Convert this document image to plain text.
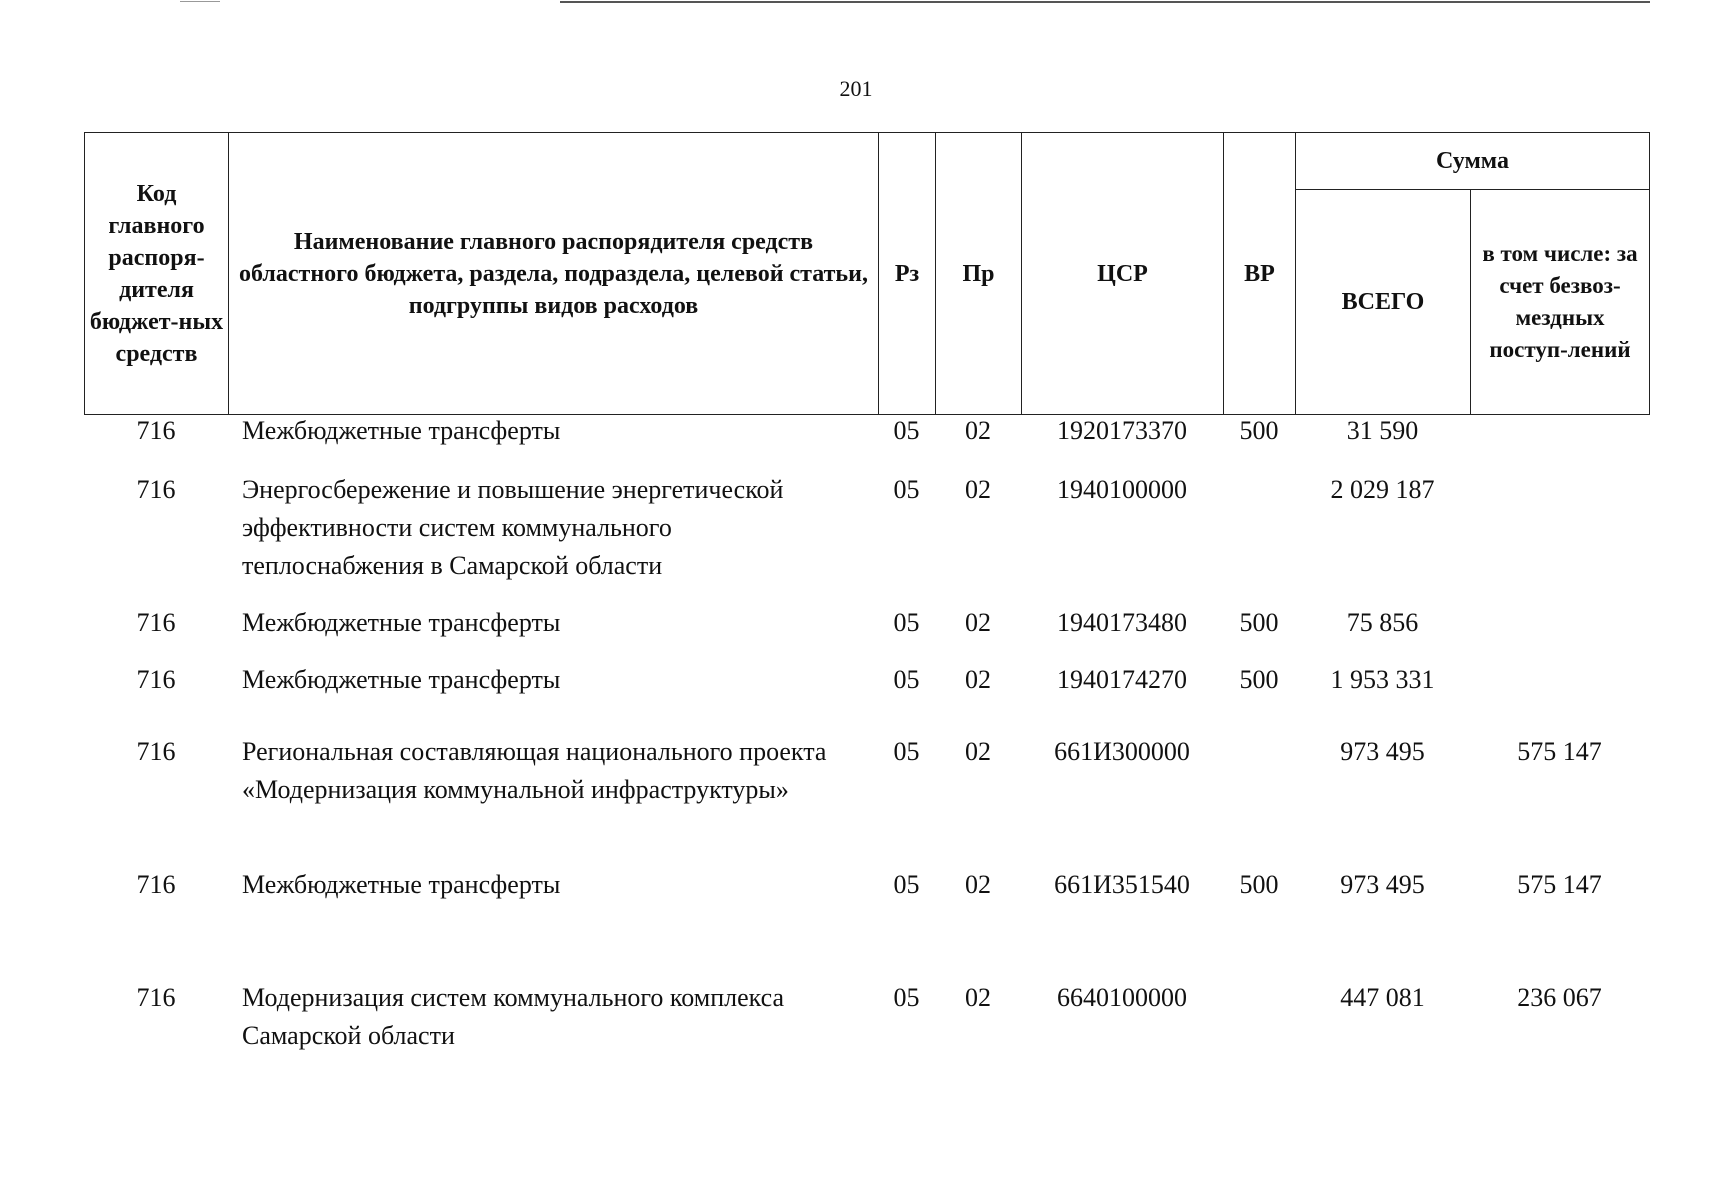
201
Код главного распоря-дителя бюджет-ных средств	Наименование главного распорядителя средств областного бюджета, раздела, подраздела, целевой статьи, подгруппы видов расходов	Рз	Пр	ЦСР	ВР	Сумма	
						ВСЕГО	в том числе: за счет безвоз-мездных поступ-лений
716	Межбюджетные трансферты	05	02	1920173370	500	31 590	
716	Энергосбережение и повышение энергетической эффективности систем коммунального теплоснабжения в Самарской области	05	02	1940100000		2 029 187	
716	Межбюджетные трансферты	05	02	1940173480	500	75 856	
716	Межбюджетные трансферты	05	02	1940174270	500	1 953 331	
716	Региональная составляющая национального проекта «Модернизация коммунальной инфраструктуры»	05	02	661И300000		973 495	575 147
716	Межбюджетные трансферты	05	02	661И351540	500	973 495	575 147
716	Модернизация систем коммунального комплекса Самарской области	05	02	6640100000		447 081	236 067
